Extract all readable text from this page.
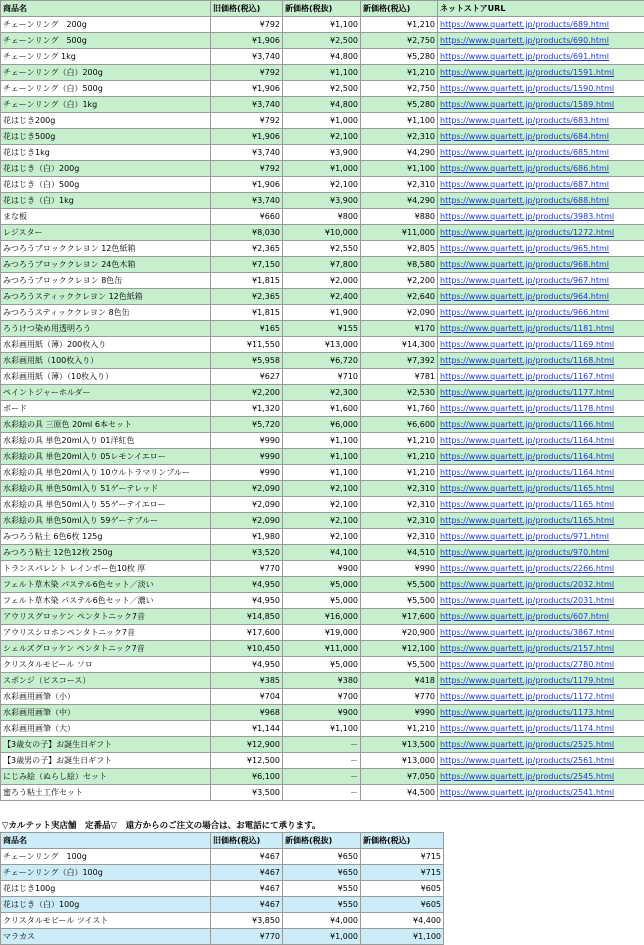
商品名	旧価格(税込)	新価格(税抜)	新価格(税込)	ネットストアURL
チェーンリング　200g	¥792	¥1,100	¥1,210	https://www.quartett.jp/products/689.html
チェーンリング　500g	¥1,906	¥2,500	¥2,750	https://www.quartett.jp/products/690.html
チェーンリング 1kg	¥3,740	¥4,800	¥5,280	https://www.quartett.jp/products/691.html
チェーンリング（白）200g	¥792	¥1,100	¥1,210	https://www.quartett.jp/products/1591.html
チェーンリング（白）500g	¥1,906	¥2,500	¥2,750	https://www.quartett.jp/products/1590.html
チェーンリング（白）1kg	¥3,740	¥4,800	¥5,280	https://www.quartett.jp/products/1589.html
花はじき200g	¥792	¥1,000	¥1,100	https://www.quartett.jp/products/683.html
花はじき500g	¥1,906	¥2,100	¥2,310	https://www.quartett.jp/products/684.html
花はじき1kg	¥3,740	¥3,900	¥4,290	https://www.quartett.jp/products/685.html
花はじき（白）200g	¥792	¥1,000	¥1,100	https://www.quartett.jp/products/686.html
花はじき（白）500g	¥1,906	¥2,100	¥2,310	https://www.quartett.jp/products/687.html
花はじき（白）1kg	¥3,740	¥3,900	¥4,290	https://www.quartett.jp/products/688.html
まな板	¥660	¥800	¥880	https://www.quartett.jp/products/3983.html
レジスター	¥8,030	¥10,000	¥11,000	https://www.quartett.jp/products/1272.html
みつろうブロッククレヨン 12色紙箱	¥2,365	¥2,550	¥2,805	https://www.quartett.jp/products/965.html
みつろうブロッククレヨン 24色木箱	¥7,150	¥7,800	¥8,580	https://www.quartett.jp/products/968.html
みつろうブロッククレヨン 8色缶	¥1,815	¥2,000	¥2,200	https://www.quartett.jp/products/967.html
みつろうスティッククレヨン 12色紙箱	¥2,365	¥2,400	¥2,640	https://www.quartett.jp/products/964.html
みつろうスティッククレヨン 8色缶	¥1,815	¥1,900	¥2,090	https://www.quartett.jp/products/966.html
ろうけつ染め用透明ろう	¥165	¥155	¥170	https://www.quartett.jp/products/1181.html
水彩画用紙（薄）200枚入り	¥11,550	¥13,000	¥14,300	https://www.quartett.jp/products/1169.html
水彩画用紙（100枚入り）	¥5,958	¥6,720	¥7,392	https://www.quartett.jp/products/1168.html
水彩画用紙（薄）（10枚入り）	¥627	¥710	¥781	https://www.quartett.jp/products/1167.html
ペイントジャーホルダー	¥2,200	¥2,300	¥2,530	https://www.quartett.jp/products/1177.html
ボード	¥1,320	¥1,600	¥1,760	https://www.quartett.jp/products/1178.html
水彩絵の具 三原色 20ml 6本セット	¥5,720	¥6,000	¥6,600	https://www.quartett.jp/products/1166.html
水彩絵の具 単色20ml入り 01洋紅色	¥990	¥1,100	¥1,210	https://www.quartett.jp/products/1164.html
水彩絵の具 単色20ml入り 05レモンイエロー	¥990	¥1,100	¥1,210	https://www.quartett.jp/products/1164.html
水彩絵の具 単色20ml入り 10ウルトラマリンブルー	¥990	¥1,100	¥1,210	https://www.quartett.jp/products/1164.html
水彩絵の具 単色50ml入り 51ゲーテレッド	¥2,090	¥2,100	¥2,310	https://www.quartett.jp/products/1165.html
水彩絵の具 単色50ml入り 55ゲーテイエロー	¥2,090	¥2,100	¥2,310	https://www.quartett.jp/products/1165.html
水彩絵の具 単色50ml入り 59ゲーテブルー	¥2,090	¥2,100	¥2,310	https://www.quartett.jp/products/1165.html
みつろう粘土 6色6枚 125g	¥1,980	¥2,100	¥2,310	https://www.quartett.jp/products/971.html
みつろう粘土 12色12枚 250g	¥3,520	¥4,100	¥4,510	https://www.quartett.jp/products/970.html
トランスパレント レインボー色10枚 厚	¥770	¥900	¥990	https://www.quartett.jp/products/2266.html
フェルト草木染 パステル6色セット／淡い	¥4,950	¥5,000	¥5,500	https://www.quartett.jp/products/2032.html
フェルト草木染 パステル6色セット／濃い	¥4,950	¥5,000	¥5,500	https://www.quartett.jp/products/2031.html
アウリスグロッケン ペンタトニック7音	¥14,850	¥16,000	¥17,600	https://www.quartett.jp/products/607.html
アウリスシロホンペンタトニック7音	¥17,600	¥19,000	¥20,900	https://www.quartett.jp/products/3867.html
シェルズグロッケン ペンタトニック7音	¥10,450	¥11,000	¥12,100	https://www.quartett.jp/products/2157.html
クリスタルモビール ソロ	¥4,950	¥5,000	¥5,500	https://www.quartett.jp/products/2780.html
スポンジ（ピスコース）	¥385	¥380	¥418	https://www.quartett.jp/products/1179.html
水彩画用画筆（小）	¥704	¥700	¥770	https://www.quartett.jp/products/1172.html
水彩画用画筆（中）	¥968	¥900	¥990	https://www.quartett.jp/products/1173.html
水彩画用画筆（大）	¥1,144	¥1,100	¥1,210	https://www.quartett.jp/products/1174.html
【3歳女の子】お誕生日ギフト	¥12,900	－	¥13,500	https://www.quartett.jp/products/2525.html
【3歳男の子】お誕生日ギフト	¥12,500	－	¥13,000	https://www.quartett.jp/products/2561.html
にじみ絵（ぬらし絵）セット	¥6,100	－	¥7,050	https://www.quartett.jp/products/2545.html
蜜ろう粘土工作セット	¥3,500	－	¥4,500	https://www.quartett.jp/products/2541.html
▽カルテット実店舗　定番品▽　遠方からのご注文の場合は、お電話にて承ります。
商品名	旧価格(税込)	新価格(税抜)	新価格(税込)
チェーンリング　100g	¥467	¥650	¥715
チェーンリング（白）100g	¥467	¥650	¥715
花はじき100g	¥467	¥550	¥605
花はじき（白）100g	¥467	¥550	¥605
クリスタルモビール ツイスト	¥3,850	¥4,000	¥4,400
マラカス	¥770	¥1,000	¥1,100
